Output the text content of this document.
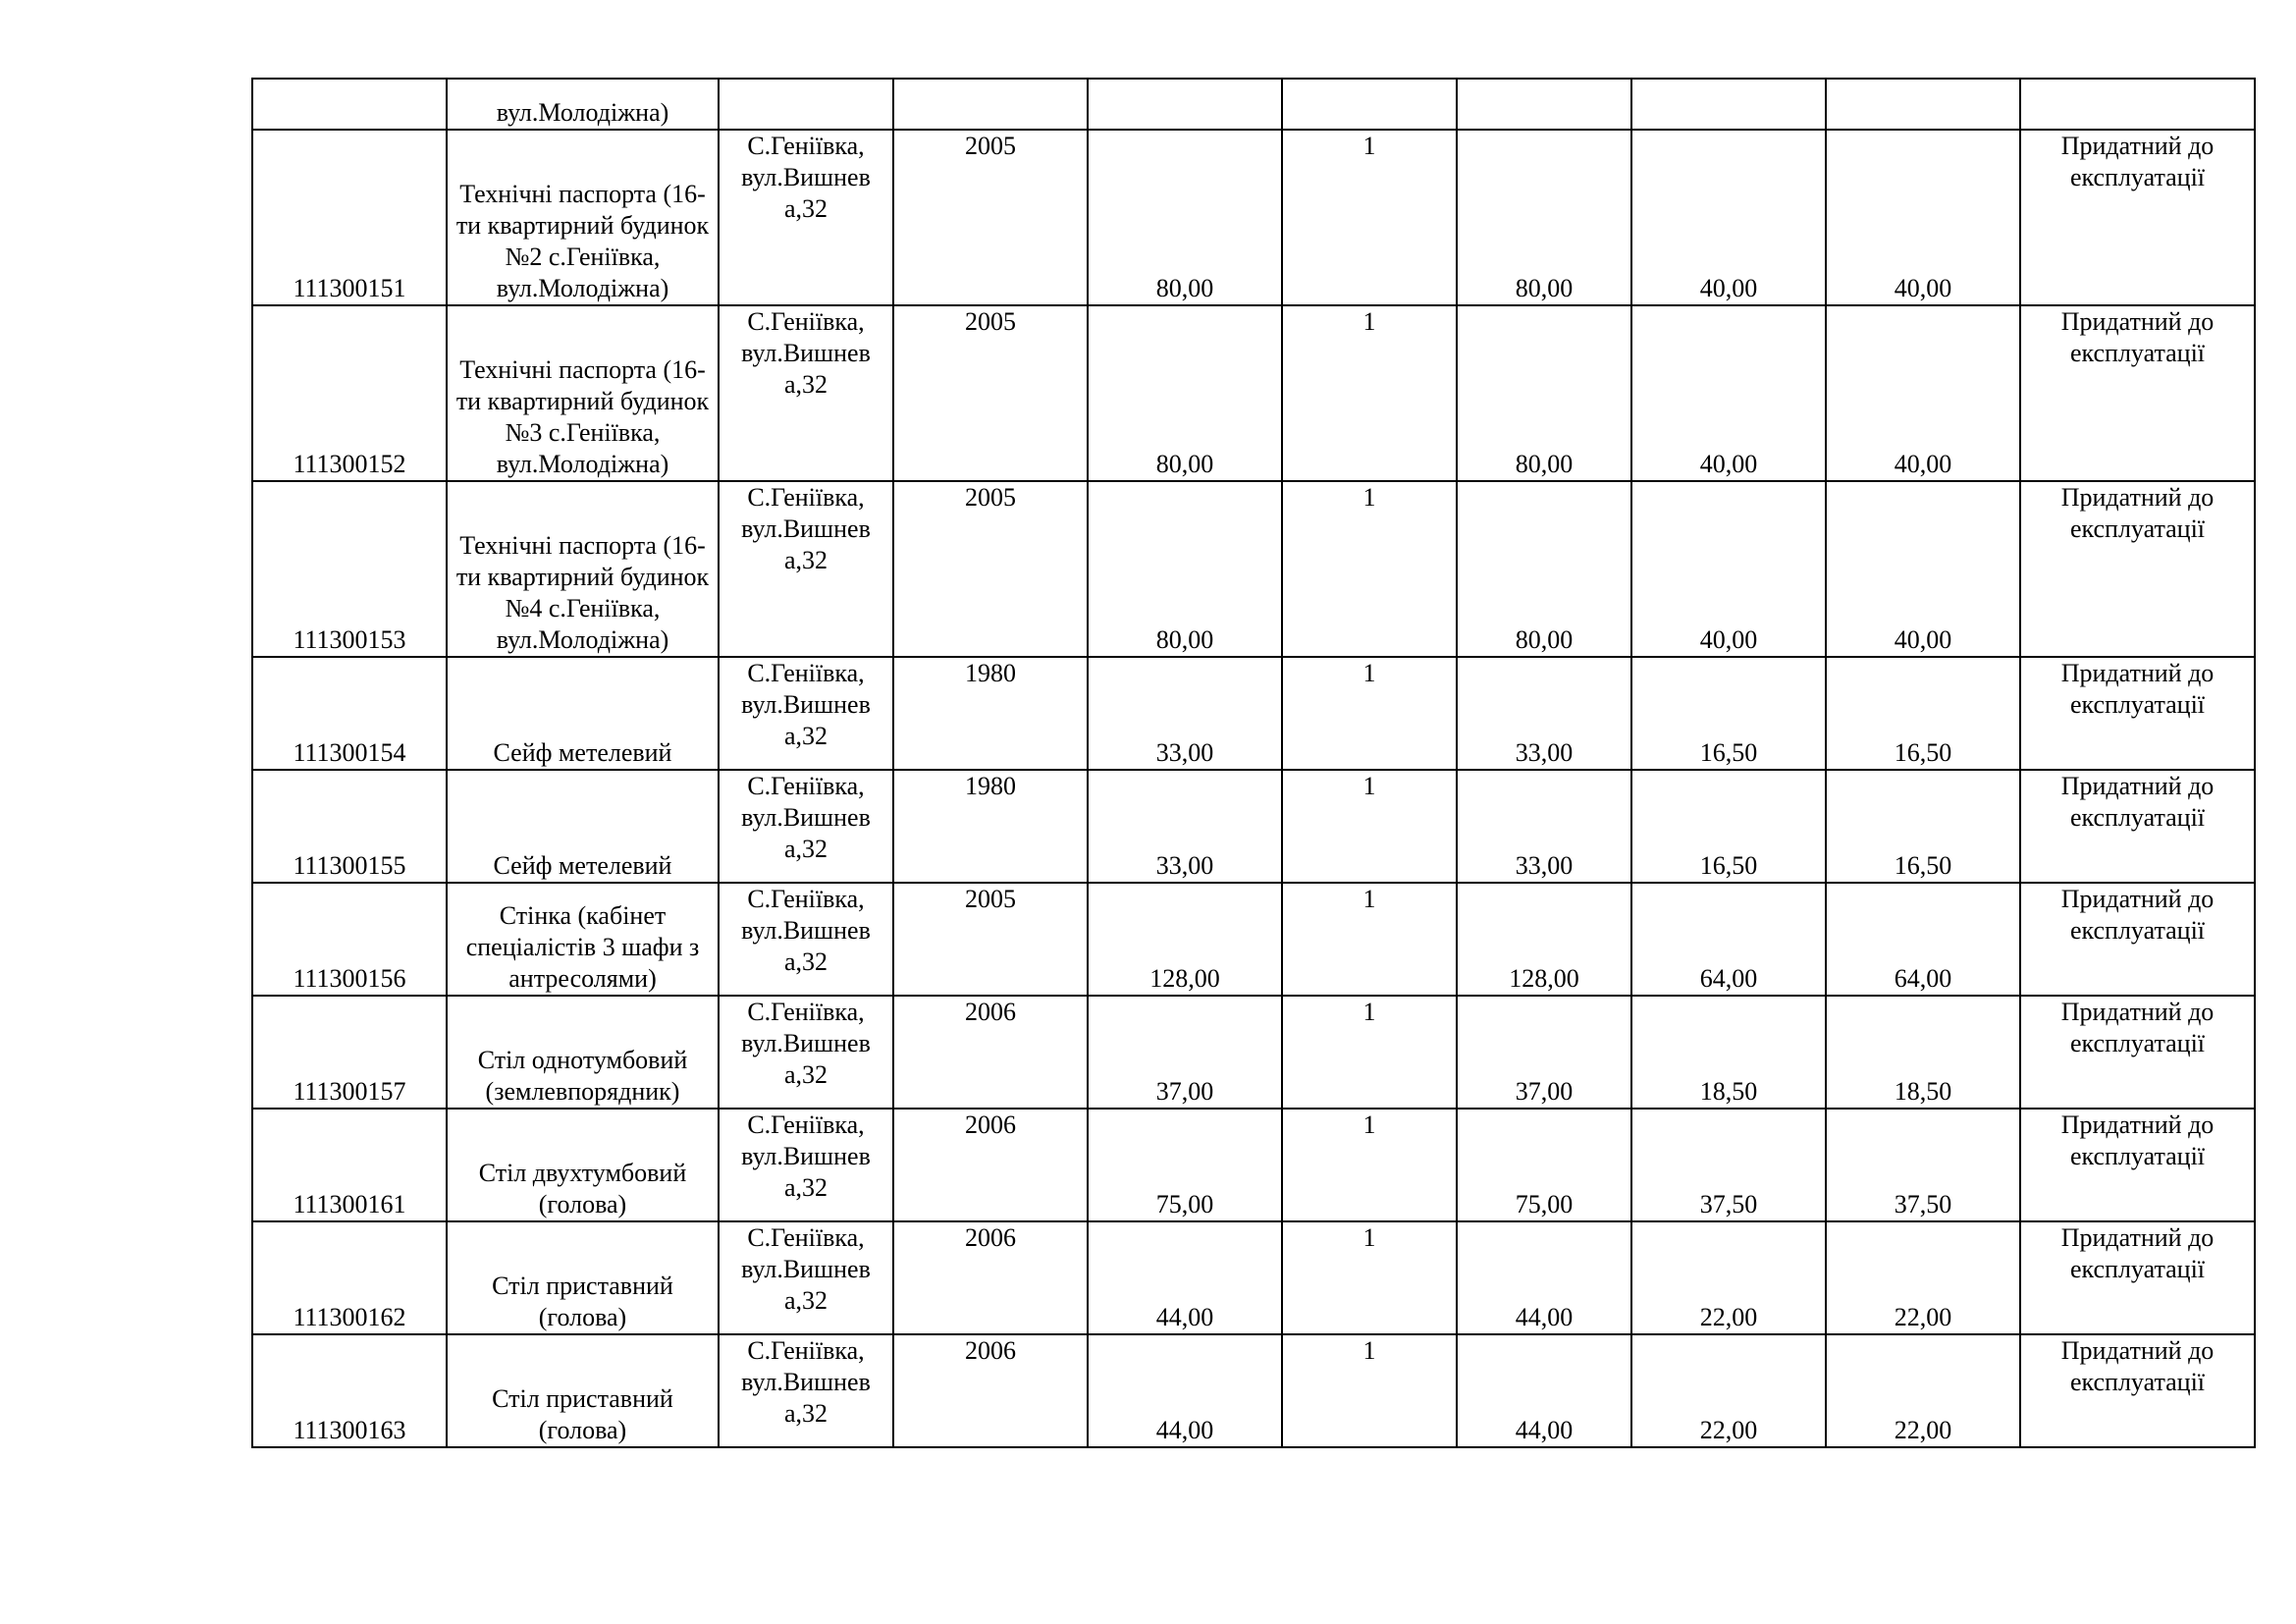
	вул.Молодіжна)								
111300151	Технічні паспорта (16-ти квартирний будинок №2 с.Геніївка, вул.Молодіжна)	С.Геніївка, вул.Вишнев а,32	2005	80,00	1	80,00	40,00	40,00	Придатний до експлуатації
111300152	Технічні паспорта (16-ти квартирний будинок №3 с.Геніївка, вул.Молодіжна)	С.Геніївка, вул.Вишнев а,32	2005	80,00	1	80,00	40,00	40,00	Придатний до експлуатації
111300153	Технічні паспорта (16-ти квартирний будинок №4 с.Геніївка, вул.Молодіжна)	С.Геніївка, вул.Вишнев а,32	2005	80,00	1	80,00	40,00	40,00	Придатний до експлуатації
111300154	Сейф метелевий	С.Геніївка, вул.Вишнев а,32	1980	33,00	1	33,00	16,50	16,50	Придатний до експлуатації
111300155	Сейф метелевий	С.Геніївка, вул.Вишнев а,32	1980	33,00	1	33,00	16,50	16,50	Придатний до експлуатації
111300156	Стінка (кабінет спеціалістів 3 шафи з антресолями)	С.Геніївка, вул.Вишнев а,32	2005	128,00	1	128,00	64,00	64,00	Придатний до експлуатації
111300157	Стіл однотумбовий (землевпорядник)	С.Геніївка, вул.Вишнев а,32	2006	37,00	1	37,00	18,50	18,50	Придатний до експлуатації
111300161	Стіл двухтумбовий (голова)	С.Геніївка, вул.Вишнев а,32	2006	75,00	1	75,00	37,50	37,50	Придатний до експлуатації
111300162	Стіл приставний (голова)	С.Геніївка, вул.Вишнев а,32	2006	44,00	1	44,00	22,00	22,00	Придатний до експлуатації
111300163	Стіл приставний (голова)	С.Геніївка, вул.Вишнев а,32	2006	44,00	1	44,00	22,00	22,00	Придатний до експлуатації
